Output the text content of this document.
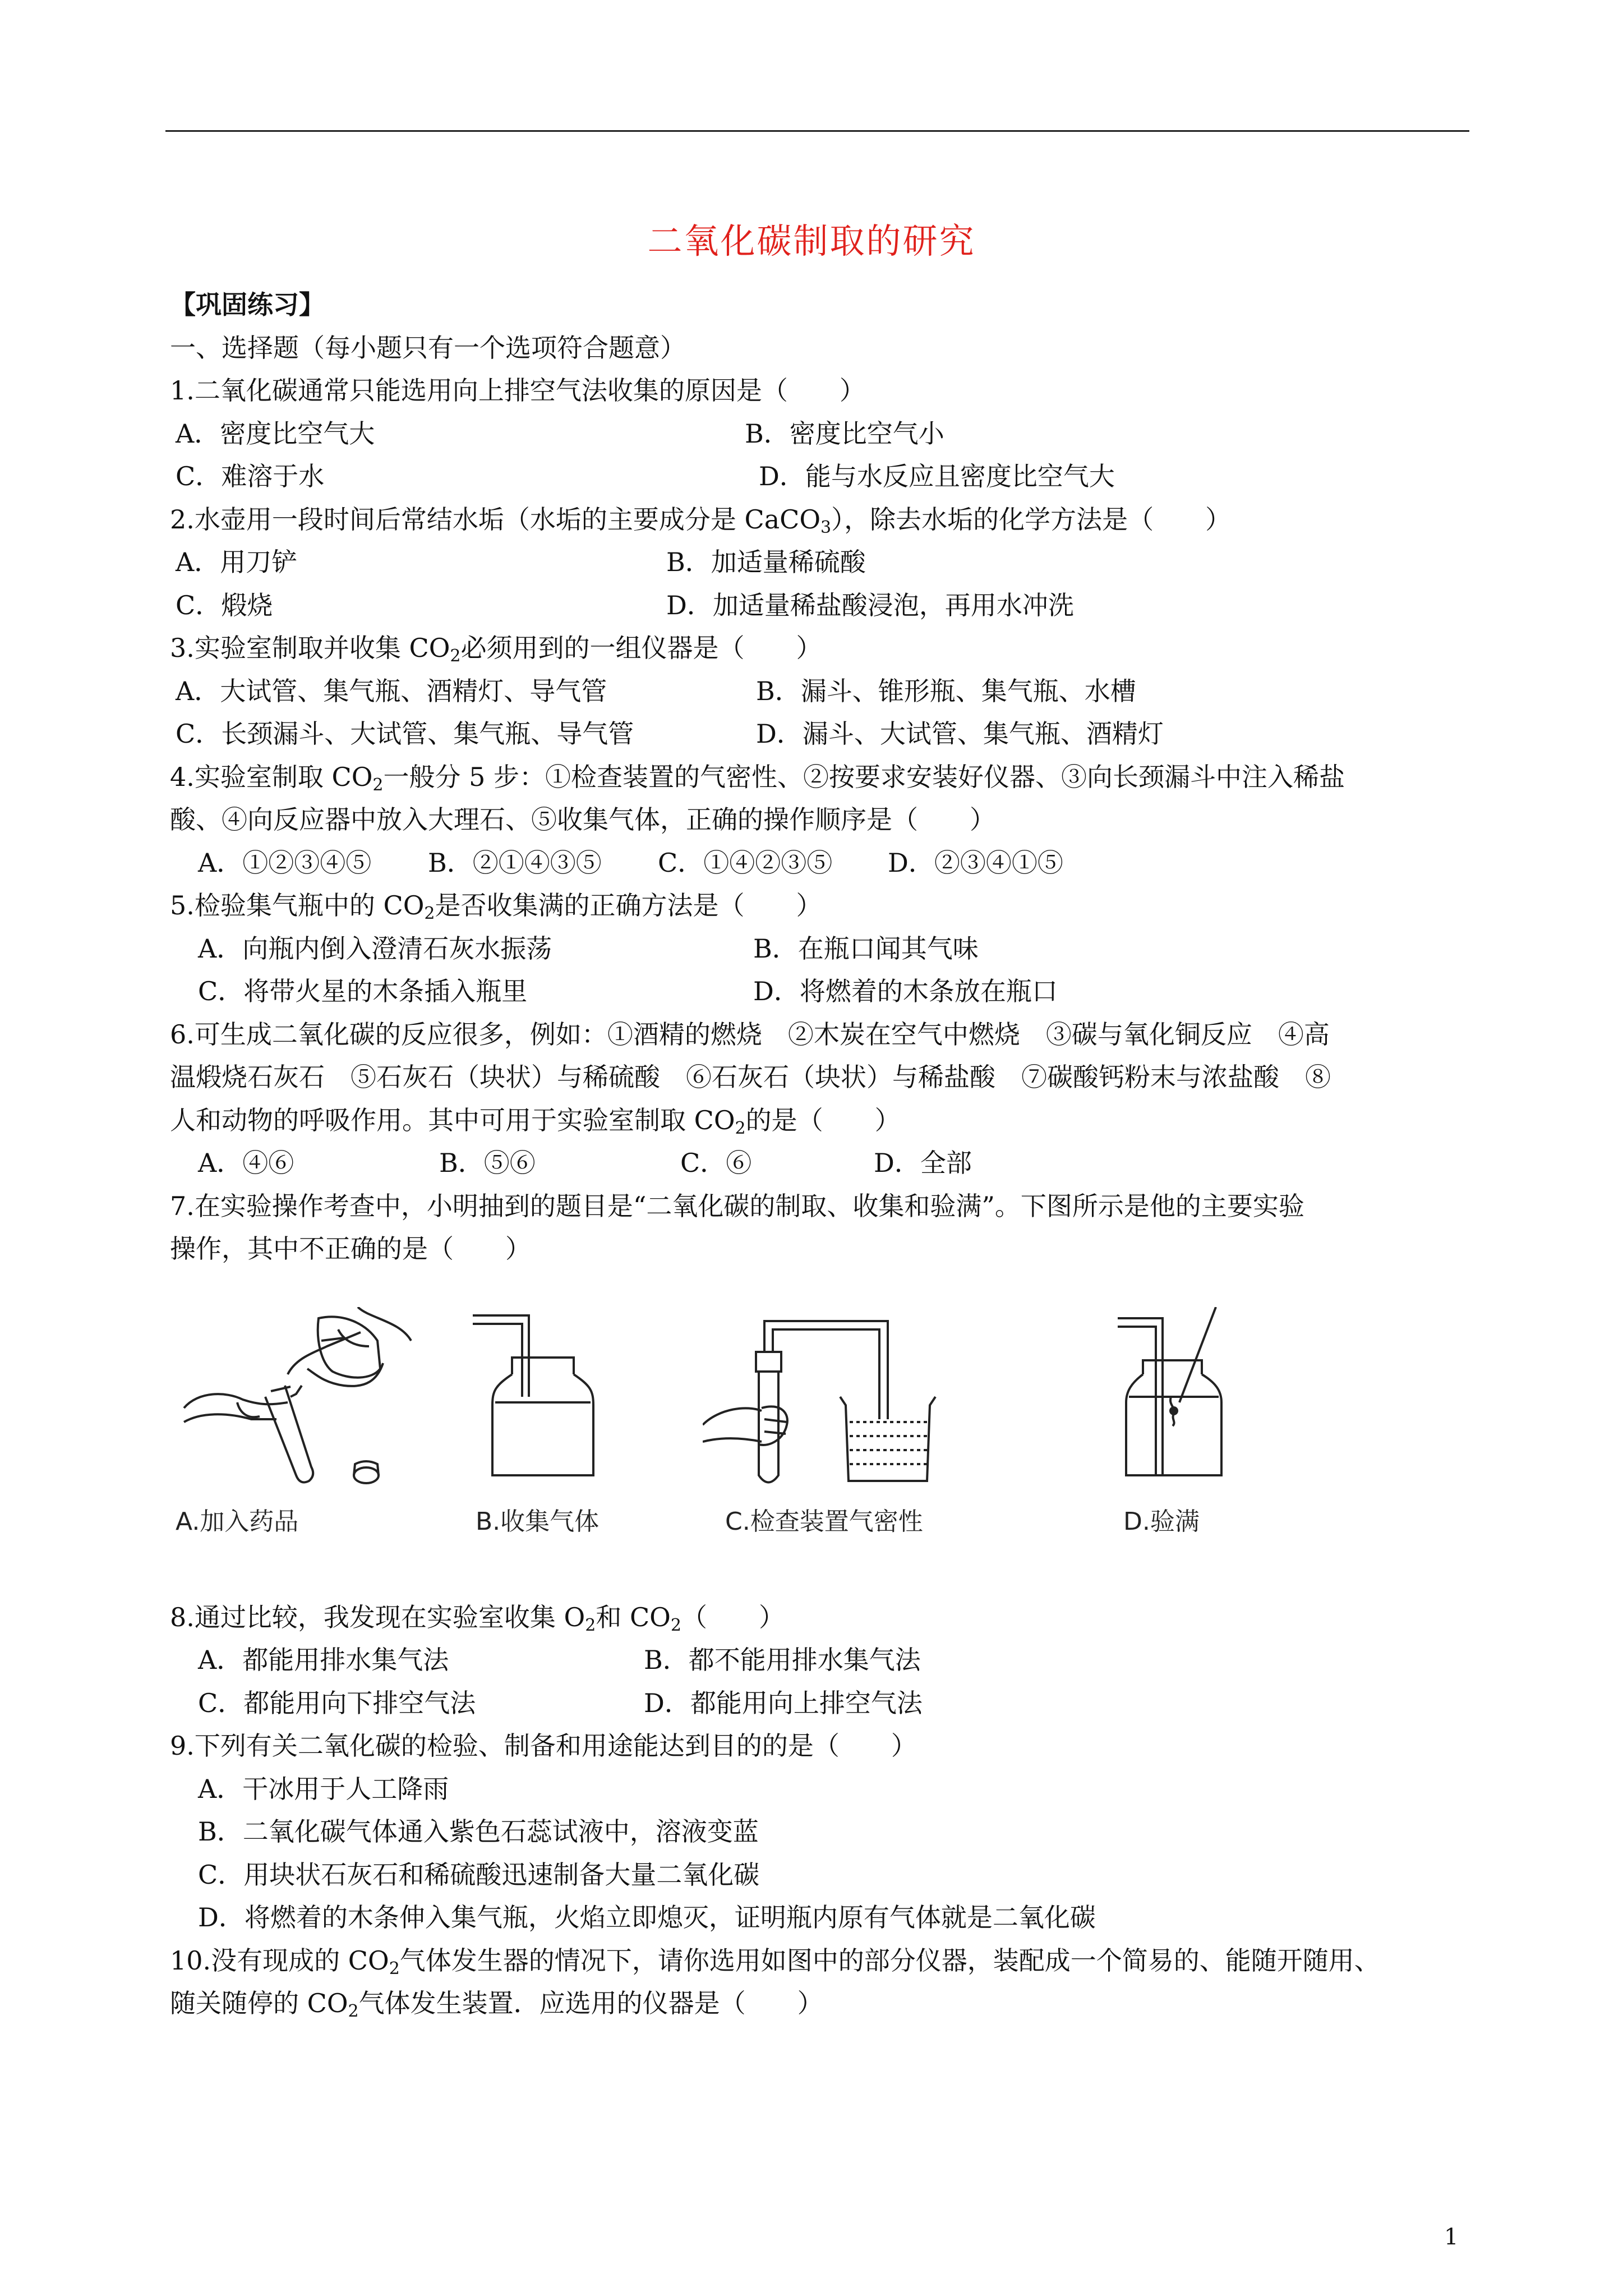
二氧化碳制取的研究
【巩固练习】
一、选择题（每小题只有一个选项符合题意）
1.二氧化碳通常只能选用向上排空气法收集的原因是（　　）
A．密度比空气大	B．密度比空气小
C．难溶于水	D．能与水反应且密度比空气大
2.水壶用一段时间后常结水垢（水垢的主要成分是 CaCO$_3$），除去水垢的化学方法是（　　）
A．用刀铲	B．加适量稀硫酸
C．煅烧	D．加适量稀盐酸浸泡，再用水冲洗
3.实验室制取并收集 $CO_2$必须用到的一组仪器是（　　）
A．大试管、集气瓶、酒精灯、导气管	B．漏斗、锥形瓶、集气瓶、水槽
C．长颈漏斗、大试管、集气瓶、导气管	D．漏斗、大试管、集气瓶、酒精灯
4.实验室制取 $CO_2$一般分 5 步：①检查装置的气密性、②按要求安装好仪器、③向长颈漏斗中注入稀盐
酸、④向反应器中放入大理石、⑤收集气体，正确的操作顺序是（　　）
A．①②③④⑤	B．②①④③⑤	C．①④②③⑤	D．②③④①⑤
5.检验集气瓶中的 $CO_2$是否收集满的正确方法是（　　）
A．向瓶内倒入澄清石灰水振荡	B．在瓶口闻其气味
C．将带火星的木条插入瓶里	D．将燃着的木条放在瓶口
6.可生成二氧化碳的反应很多，例如：①酒精的燃烧　②木炭在空气中燃烧　③碳与氧化铜反应　④高
温煅烧石灰石　⑤石灰石（块状）与稀硫酸　⑥石灰石（块状）与稀盐酸　⑦碳酸钙粉末与浓盐酸　⑧
人和动物的呼吸作用。其中可用于实验室制取 $CO_2$的是（　　）
A．④⑥	B．⑤⑥	C．⑥	D．全部
7.在实验操作考查中，小明抽到的题目是“二氧化碳的制取、收集和验满”。下图所示是他的主要实验
操作，其中不正确的是（　　）
A.加入药品	B.收集气体	C.检查装置气密性	D.验满
8.通过比较，我发现在实验室收集 $O_2$和 $CO_2$（　　）
A．都能用排水集气法	B．都不能用排水集气法
C．都能用向下排空气法	D．都能用向上排空气法
9.下列有关二氧化碳的检验、制备和用途能达到目的的是（　　）
A．干冰用于人工降雨
B．二氧化碳气体通入紫色石蕊试液中，溶液变蓝
C．用块状石灰石和稀硫酸迅速制备大量二氧化碳
D．将燃着的木条伸入集气瓶，火焰立即熄灭，证明瓶内原有气体就是二氧化碳
10.没有现成的 $CO_2$气体发生器的情况下，请你选用如图中的部分仪器，装配成一个简易的、能随开随用、
随关随停的 $CO_2$气体发生装置．应选用的仪器是（　　）
1
